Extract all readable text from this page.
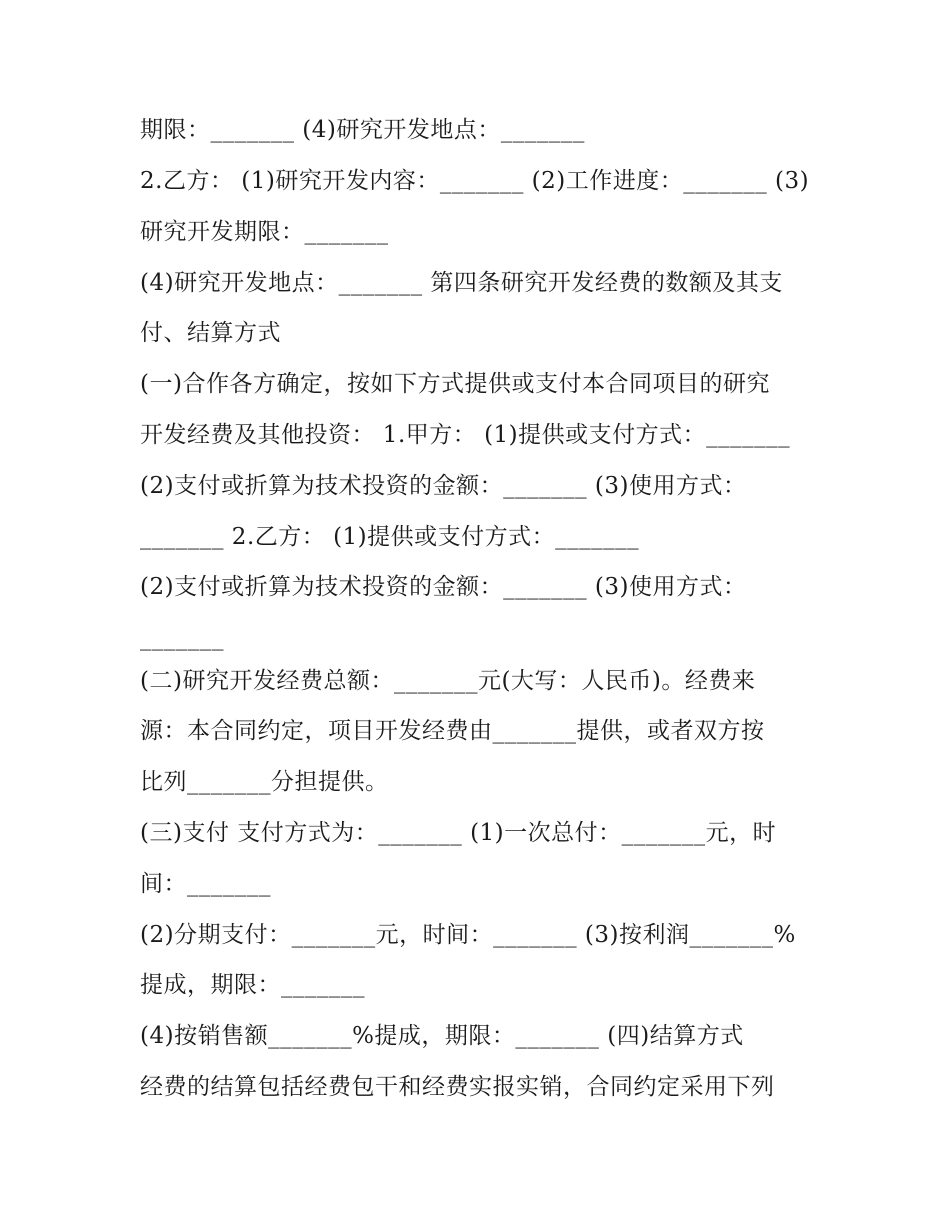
期限：_______ (4)研究开发地点：_______
2.乙方： (1)研究开发内容：_______ (2)工作进度：_______ (3)
研究开发期限：_______
(4)研究开发地点：_______ 第四条研究开发经费的数额及其支
付、结算方式
(一)合作各方确定，按如下方式提供或支付本合同项目的研究
开发经费及其他投资： 1.甲方： (1)提供或支付方式：_______
(2)支付或折算为技术投资的金额：_______ (3)使用方式：
_______ 2.乙方： (1)提供或支付方式：_______
(2)支付或折算为技术投资的金额：_______ (3)使用方式：
_______
(二)研究开发经费总额：_______元(大写：人民币)。经费来
源：本合同约定，项目开发经费由_______提供，或者双方按
比列_______分担提供。
(三)支付 支付方式为：_______ (1)一次总付：_______元，时
间：_______
(2)分期支付：_______元，时间：_______ (3)按利润_______%
提成，期限：_______
(4)按销售额_______%提成，期限：_______ (四)结算方式
经费的结算包括经费包干和经费实报实销，合同约定采用下列
